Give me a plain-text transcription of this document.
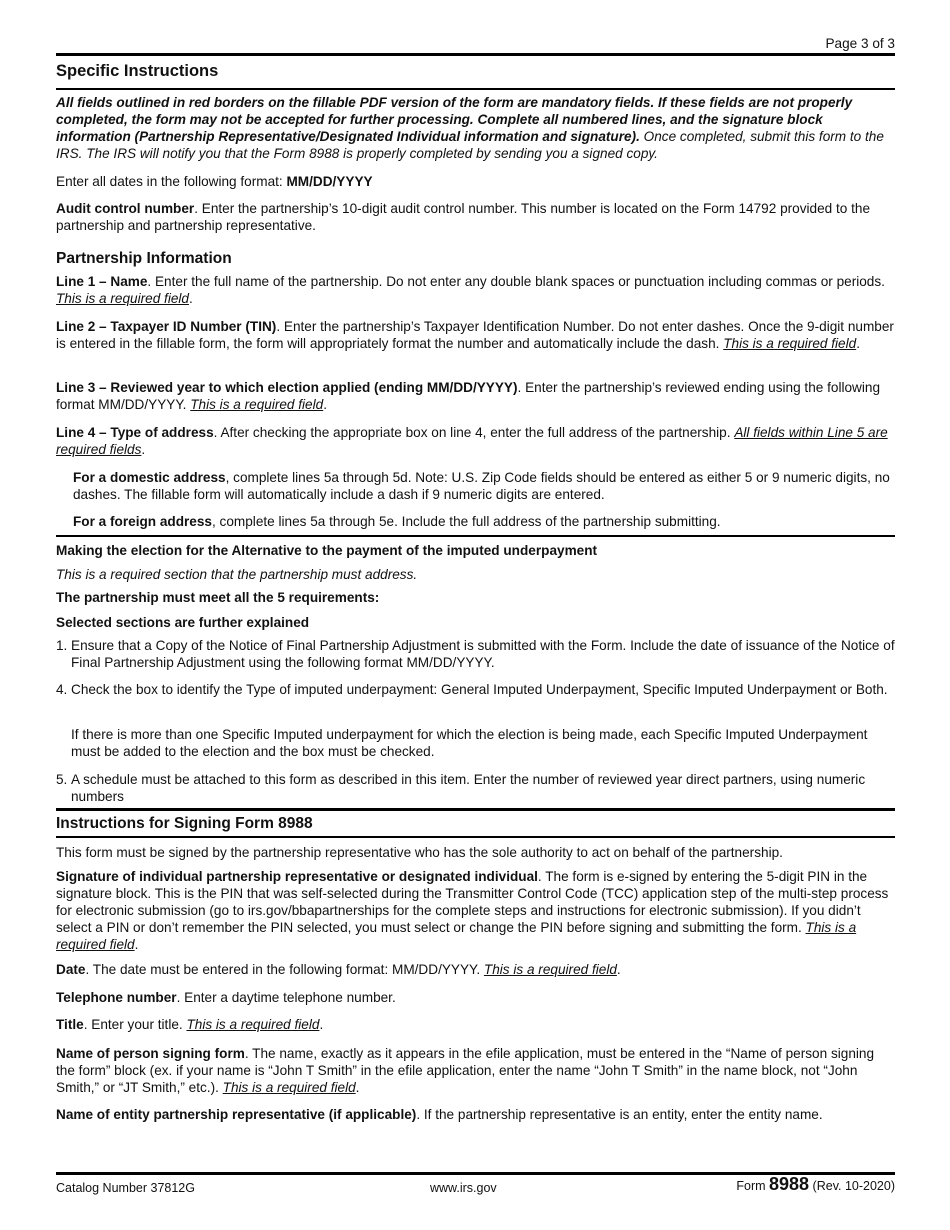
Page 3 of 3
Specific Instructions
All fields outlined in red borders on the fillable PDF version of the form are mandatory fields. If these fields are not properly completed, the form may not be accepted for further processing. Complete all numbered lines, and the signature block information (Partnership Representative/Designated Individual information and signature). Once completed, submit this form to the IRS. The IRS will notify you that the Form 8988 is properly completed by sending you a signed copy.
Enter all dates in the following format: MM/DD/YYYY
Audit control number. Enter the partnership’s 10-digit audit control number. This number is located on the Form 14792 provided to the partnership and partnership representative.
Partnership Information
Line 1 – Name. Enter the full name of the partnership. Do not enter any double blank spaces or punctuation including commas or periods. This is a required field.
Line 2 – Taxpayer ID Number (TIN). Enter the partnership’s Taxpayer Identification Number. Do not enter dashes. Once the 9-digit number is entered in the fillable form, the form will appropriately format the number and automatically include the dash. This is a required field.
Line 3 – Reviewed year to which election applied (ending MM/DD/YYYY). Enter the partnership’s reviewed ending using the following format MM/DD/YYYY. This is a required field.
Line 4 – Type of address. After checking the appropriate box on line 4, enter the full address of the partnership. All fields within Line 5 are required fields.
For a domestic address, complete lines 5a through 5d. Note: U.S. Zip Code fields should be entered as either 5 or 9 numeric digits, no dashes. The fillable form will automatically include a dash if 9 numeric digits are entered.
For a foreign address, complete lines 5a through 5e. Include the full address of the partnership submitting.
Making the election for the Alternative to the payment of the imputed underpayment
This is a required section that the partnership must address.
The partnership must meet all the 5 requirements:
Selected sections are further explained
1. Ensure that a Copy of the Notice of Final Partnership Adjustment is submitted with the Form. Include the date of issuance of the Notice of Final Partnership Adjustment using the following format MM/DD/YYYY.
4. Check the box to identify the Type of imputed underpayment: General Imputed Underpayment, Specific Imputed Underpayment or Both.
If there is more than one Specific Imputed underpayment for which the election is being made, each Specific Imputed Underpayment must be added to the election and the box must be checked.
5. A schedule must be attached to this form as described in this item. Enter the number of reviewed year direct partners, using numeric numbers
Instructions for Signing Form 8988
This form must be signed by the partnership representative who has the sole authority to act on behalf of the partnership.
Signature of individual partnership representative or designated individual. The form is e-signed by entering the 5-digit PIN in the signature block. This is the PIN that was self-selected during the Transmitter Control Code (TCC) application step of the multi-step process for electronic submission (go to irs.gov/bbapartnerships for the complete steps and instructions for electronic submission). If you didn’t select a PIN or don’t remember the PIN selected, you must select or change the PIN before signing and submitting the form. This is a required field.
Date. The date must be entered in the following format: MM/DD/YYYY. This is a required field.
Telephone number. Enter a daytime telephone number.
Title. Enter your title. This is a required field.
Name of person signing form. The name, exactly as it appears in the efile application, must be entered in the “Name of person signing the form” block (ex. if your name is “John T Smith” in the efile application, enter the name “John T Smith” in the name block, not “John Smith,” or “JT Smith,” etc.). This is a required field.
Name of entity partnership representative (if applicable). If the partnership representative is an entity, enter the entity name.
Catalog Number 37812G	www.irs.gov	Form 8988 (Rev. 10-2020)
